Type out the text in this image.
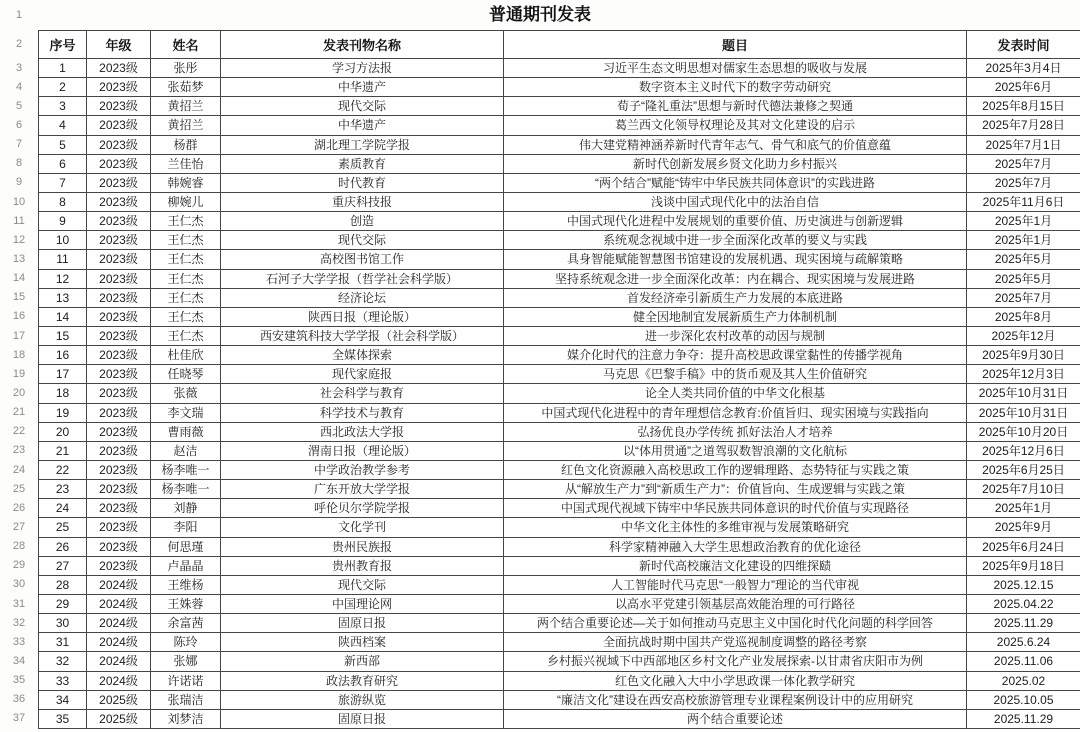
1
2
3
4
5
6
7
8
9
10
11
12
13
14
15
16
17
18
19
20
21
22
23
24
25
26
27
28
29
30
31
32
33
34
35
36
37
普通期刊发表
序号	年级	姓名	发表刊物名称	题目	发表时间
1	2023级	张彤	学习方法报	习近平生态文明思想对儒家生态思想的吸收与发展	2025年3月4日
2	2023级	张茹梦	中华遗产	数字资本主义时代下的数字劳动研究	2025年6月
3	2023级	黄招兰	现代交际	荀子“隆礼重法”思想与新时代德法兼修之契通	2025年8月15日
4	2023级	黄招兰	中华遗产	葛兰西文化领导权理论及其对文化建设的启示	2025年7月28日
5	2023级	杨群	湖北理工学院学报	伟大建党精神涵养新时代青年志气、骨气和底气的价值意蕴	2025年7月1日
6	2023级	兰佳怡	素质教育	新时代创新发展乡贤文化助力乡村振兴	2025年7月
7	2023级	韩婉睿	时代教育	“两个结合”赋能“铸牢中华民族共同体意识”的实践进路	2025年7月
8	2023级	柳婉儿	重庆科技报	浅谈中国式现代化中的法治自信	2025年11月6日
9	2023级	王仁杰	创造	中国式现代化进程中发展规划的重要价值、历史演进与创新逻辑	2025年1月
10	2023级	王仁杰	现代交际	系统观念视域中进一步全面深化改革的要义与实践	2025年1月
11	2023级	王仁杰	高校图书馆工作	具身智能赋能智慧图书馆建设的发展机遇、现实困境与疏解策略	2025年5月
12	2023级	王仁杰	石河子大学学报（哲学社会科学版）	坚持系统观念进一步全面深化改革：内在耦合、现实困境与发展进路	2025年5月
13	2023级	王仁杰	经济论坛	首发经济牵引新质生产力发展的本底进路	2025年7月
14	2023级	王仁杰	陕西日报（理论版）	健全因地制宜发展新质生产力体制机制	2025年8月
15	2023级	王仁杰	西安建筑科技大学学报（社会科学版）	进一步深化农村改革的动因与规制	2025年12月
16	2023级	杜佳欣	全媒体探索	媒介化时代的注意力争夺：提升高校思政课堂黏性的传播学视角	2025年9月30日
17	2023级	任晓琴	现代家庭报	马克思《巴黎手稿》中的货币观及其人生价值研究	2025年12月3日
18	2023级	张薇	社会科学与教育	论全人类共同价值的中华文化根基	2025年10月31日
19	2023级	李文瑞	科学技术与教育	中国式现代化进程中的青年理想信念教育:价值旨归、现实困境与实践指向	2025年10月31日
20	2023级	曹雨薇	西北政法大学报	弘扬优良办学传统 抓好法治人才培养	2025年10月20日
21	2023级	赵洁	渭南日报（理论版）	以“体用贯通”之道驾驭数智浪潮的文化航标	2025年12月6日
22	2023级	杨李唯一	中学政治教学参考	红色文化资源融入高校思政工作的逻辑理路、态势特征与实践之策	2025年6月25日
23	2023级	杨李唯一	广东开放大学学报	从“解放生产力”到“新质生产力”：价值旨向、生成逻辑与实践之策	2025年7月10日
24	2023级	刘静	呼伦贝尔学院学报	中国式现代视域下铸牢中华民族共同体意识的时代价值与实现路径	2025年1月
25	2023级	李阳	文化学刊	中华文化主体性的多维审视与发展策略研究	2025年9月
26	2023级	何思瑾	贵州民族报	科学家精神融入大学生思想政治教育的优化途径	2025年6月24日
27	2023级	卢晶晶	贵州教育报	新时代高校廉洁文化建设的四维探赜	2025年9月18日
28	2024级	王维杨	现代交际	人工智能时代马克思“一般智力”理论的当代审视	2025.12.15
29	2024级	王姝蓉	中国理论网	以高水平党建引领基层高效能治理的可行路径	2025.04.22
30	2024级	余富茜	固原日报	两个结合重要论述—关于如何推动马克思主义中国化时代化问题的科学回答	2025.11.29
31	2024级	陈玲	陕西档案	全面抗战时期中国共产党巡视制度调整的路径考察	2025.6.24
32	2024级	张娜	新西部	乡村振兴视域下中西部地区乡村文化产业发展探索-以甘肃省庆阳市为例	2025.11.06
33	2024级	许诺诺	政法教育研究	红色文化融入大中小学思政课一体化教学研究	2025.02
34	2025级	张瑞洁	旅游纵览	“廉洁文化”建设在西安高校旅游管理专业课程案例设计中的应用研究	2025.10.05
35	2025级	刘梦洁	固原日报	两个结合重要论述	2025.11.29
